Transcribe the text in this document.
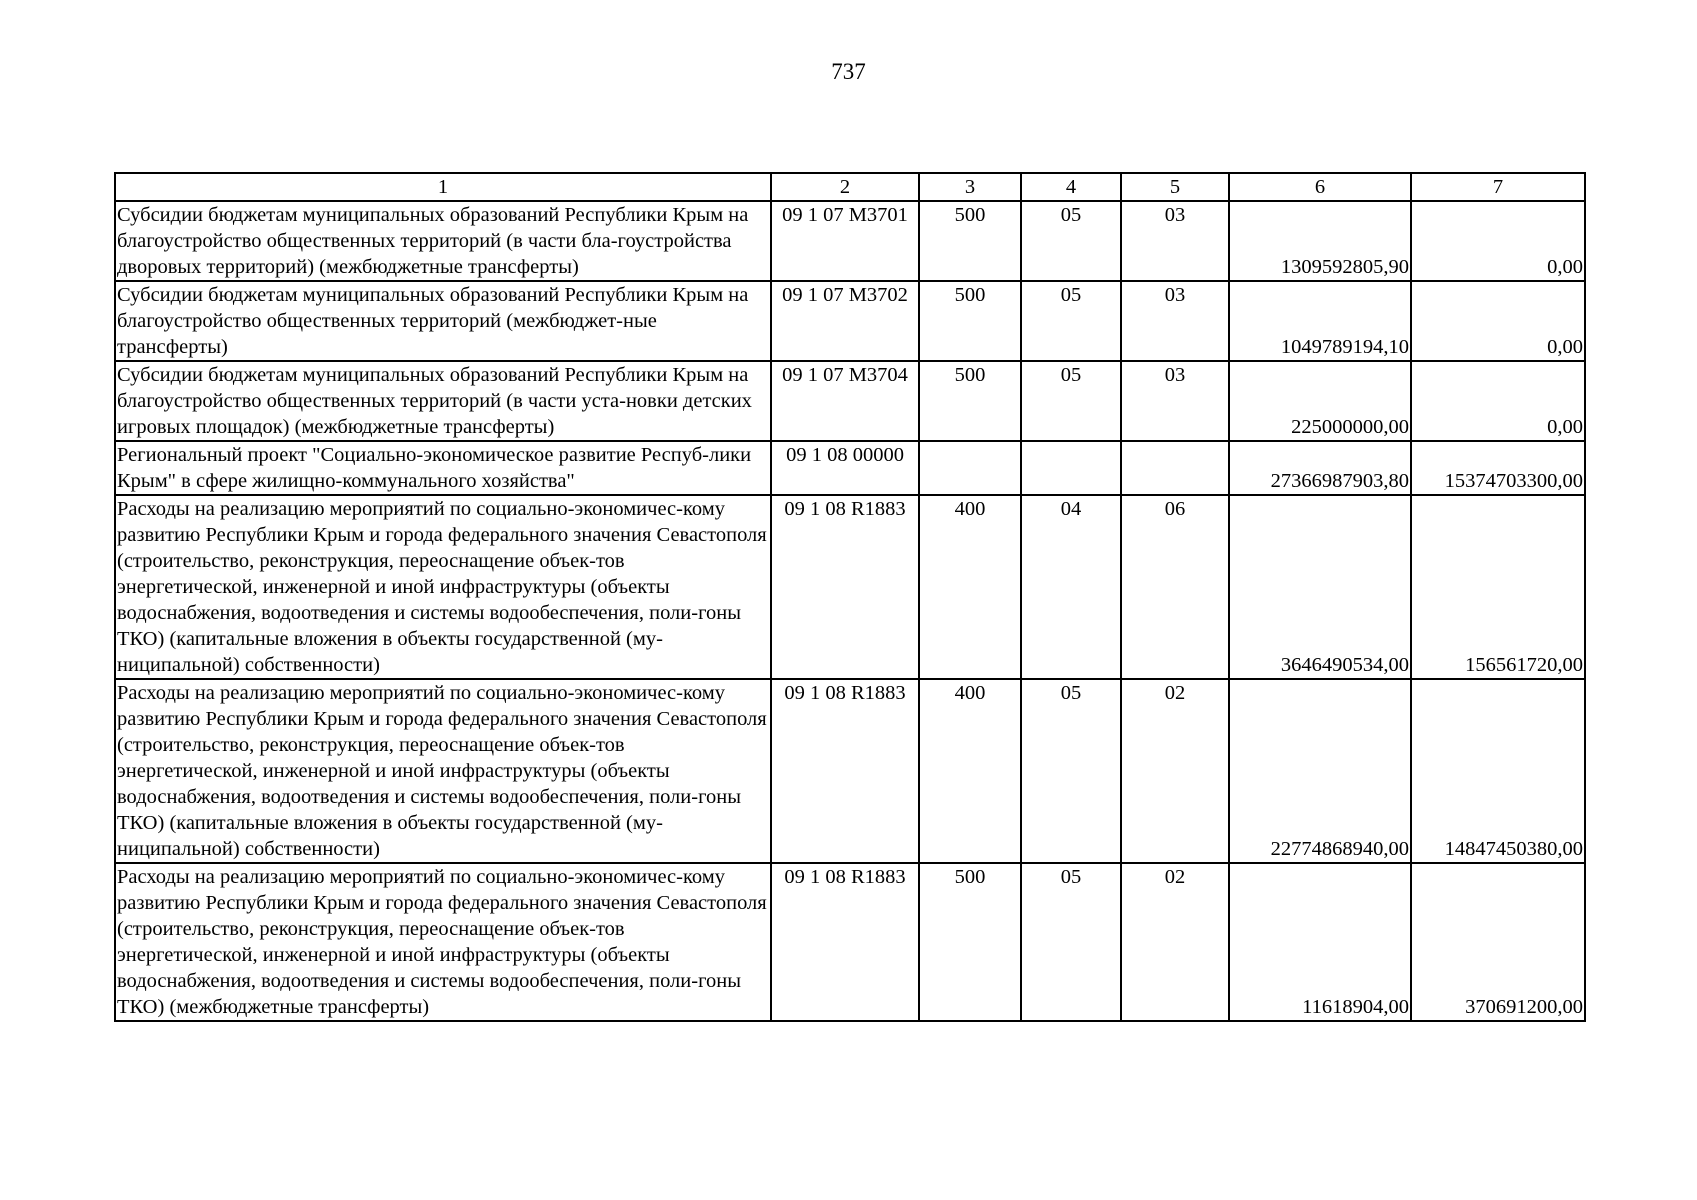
737
1	2	3	4	5	6	7
Субсидии бюджетам муниципальных образований Республики Крым на благоустройство общественных территорий (в части бла-гоустройства дворовых территорий) (межбюджетные трансферты)	09 1 07 M3701	500	05	03	1309592805,90	0,00
Субсидии бюджетам муниципальных образований Республики Крым на благоустройство общественных территорий (межбюджет-ные трансферты)	09 1 07 M3702	500	05	03	1049789194,10	0,00
Субсидии бюджетам муниципальных образований Республики Крым на благоустройство общественных территорий (в части уста-новки детских игровых площадок) (межбюджетные трансферты)	09 1 07 M3704	500	05	03	225000000,00	0,00
Региональный проект "Социально-экономическое развитие Респуб-лики Крым" в сфере жилищно-коммунального хозяйства"	09 1 08 00000				27366987903,80	15374703300,00
Расходы на реализацию мероприятий по социально-экономичес-кому развитию Республики Крым и города федерального значения Севастополя (строительство, реконструкция, переоснащение объек-тов энергетической, инженерной и иной инфраструктуры (объекты водоснабжения, водоотведения и системы водообеспечения, поли-гоны ТКО) (капитальные вложения в объекты государственной (му-ниципальной) собственности)	09 1 08 R1883	400	04	06	3646490534,00	156561720,00
Расходы на реализацию мероприятий по социально-экономичес-кому развитию Республики Крым и города федерального значения Севастополя (строительство, реконструкция, переоснащение объек-тов энергетической, инженерной и иной инфраструктуры (объекты водоснабжения, водоотведения и системы водообеспечения, поли-гоны ТКО) (капитальные вложения в объекты государственной (му-ниципальной) собственности)	09 1 08 R1883	400	05	02	22774868940,00	14847450380,00
Расходы на реализацию мероприятий по социально-экономичес-кому развитию Республики Крым и города федерального значения Севастополя (строительство, реконструкция, переоснащение объек-тов энергетической, инженерной и иной инфраструктуры (объекты водоснабжения, водоотведения и системы водообеспечения, поли-гоны ТКО) (межбюджетные трансферты)	09 1 08 R1883	500	05	02	11618904,00	370691200,00
